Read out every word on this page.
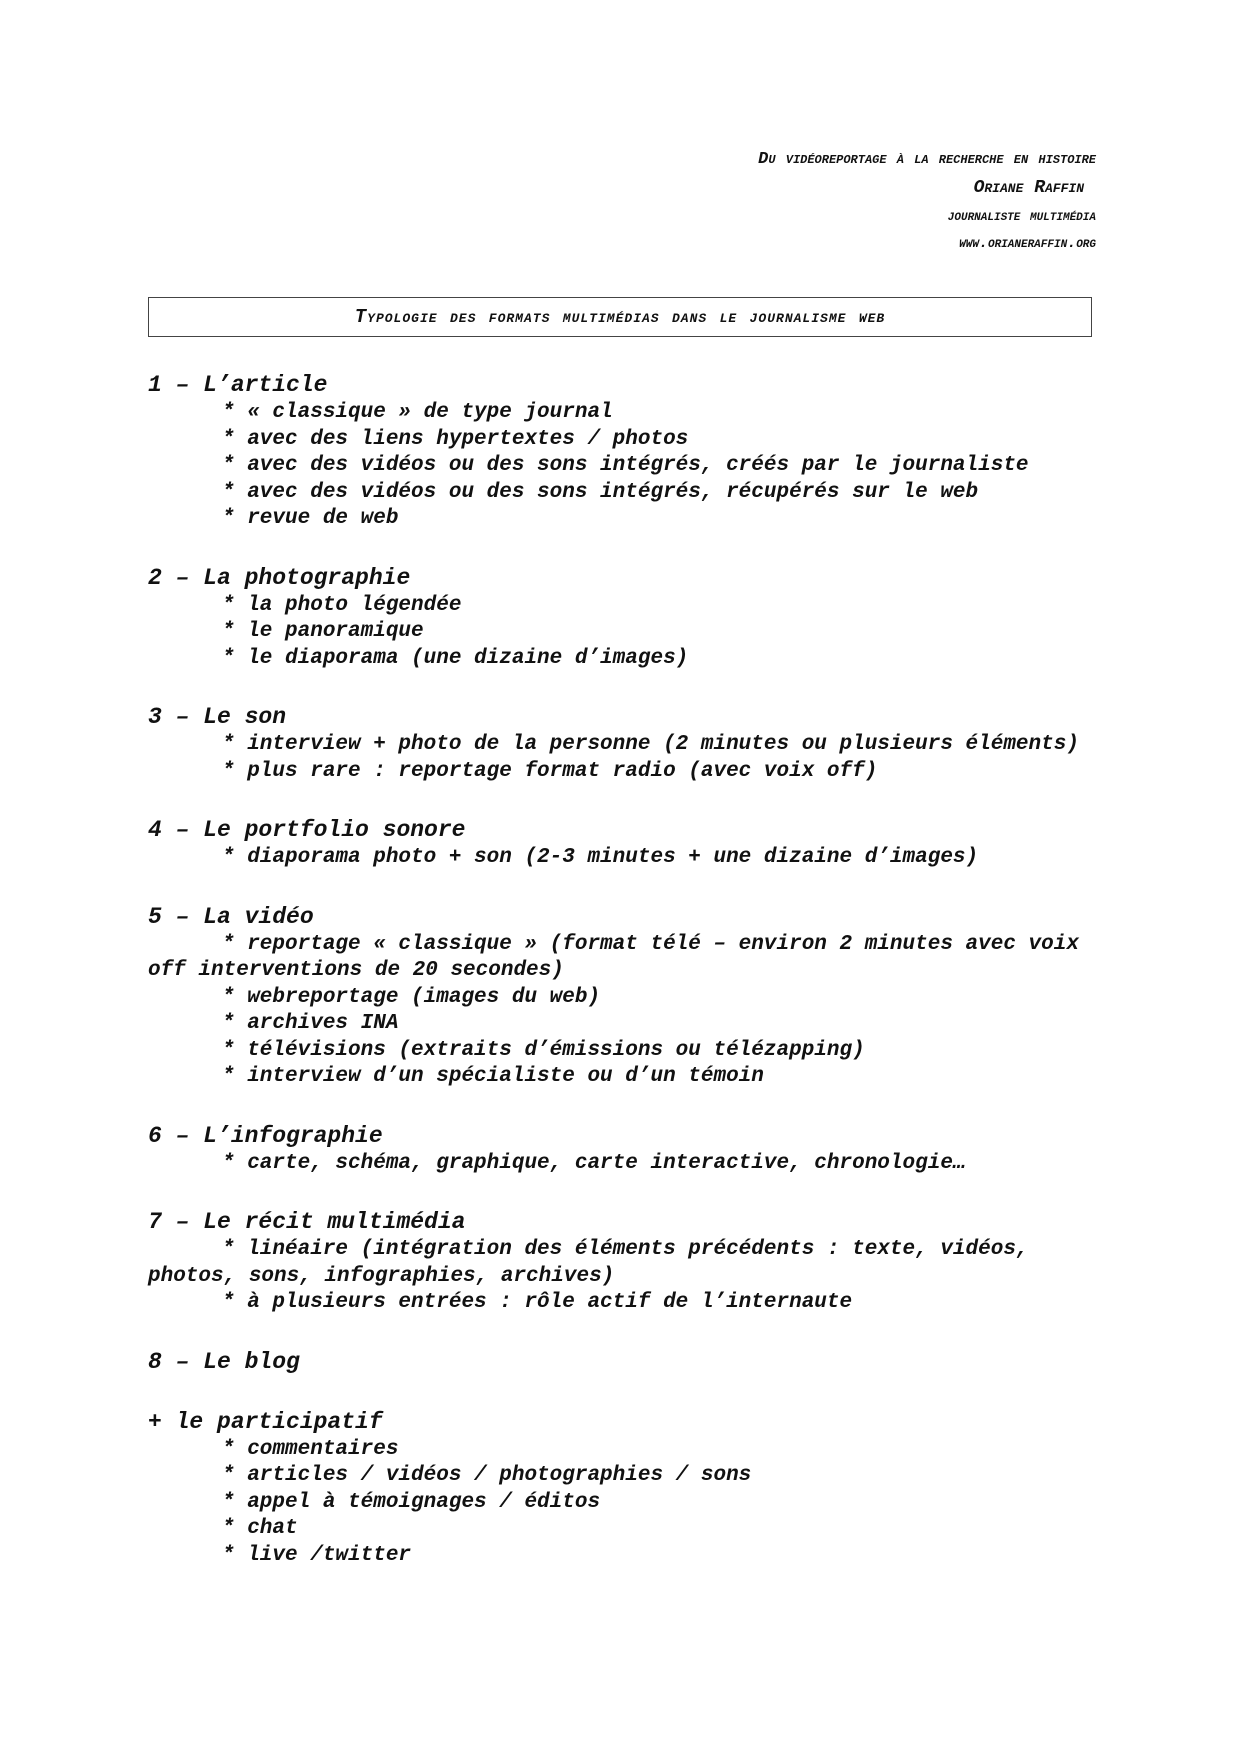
Du vidéoreportage à la recherche en histoire
Oriane Raffin
journaliste multimédia
www.orianeraffin.org
Typologie des formats multimédias dans le journalisme web
1 – L’article
* « classique » de type journal
* avec des liens hypertextes / photos
* avec des vidéos ou des sons intégrés, créés par le journaliste
* avec des vidéos ou des sons intégrés, récupérés sur le web
* revue de web
2 – La photographie
* la photo légendée
* le panoramique
* le diaporama (une dizaine d’images)
3 – Le son
* interview + photo de la personne (2 minutes ou plusieurs éléments)
* plus rare : reportage format radio (avec voix off)
4 – Le portfolio sonore
* diaporama photo + son (2-3 minutes + une dizaine d’images)
5 – La vidéo
* reportage « classique » (format télé – environ 2 minutes avec voix off interventions de 20 secondes)
* webreportage (images du web)
* archives INA
* télévisions (extraits d’émissions ou télézapping)
* interview d’un spécialiste ou d’un témoin
6 – L’infographie
* carte, schéma, graphique, carte interactive, chronologie…
7 – Le récit multimédia
* linéaire (intégration des éléments précédents : texte, vidéos, photos, sons, infographies, archives)
* à plusieurs entrées : rôle actif de l’internaute
8 – Le blog
+ le participatif
* commentaires
* articles / vidéos / photographies / sons
* appel à témoignages / éditos
* chat
* live /twitter
